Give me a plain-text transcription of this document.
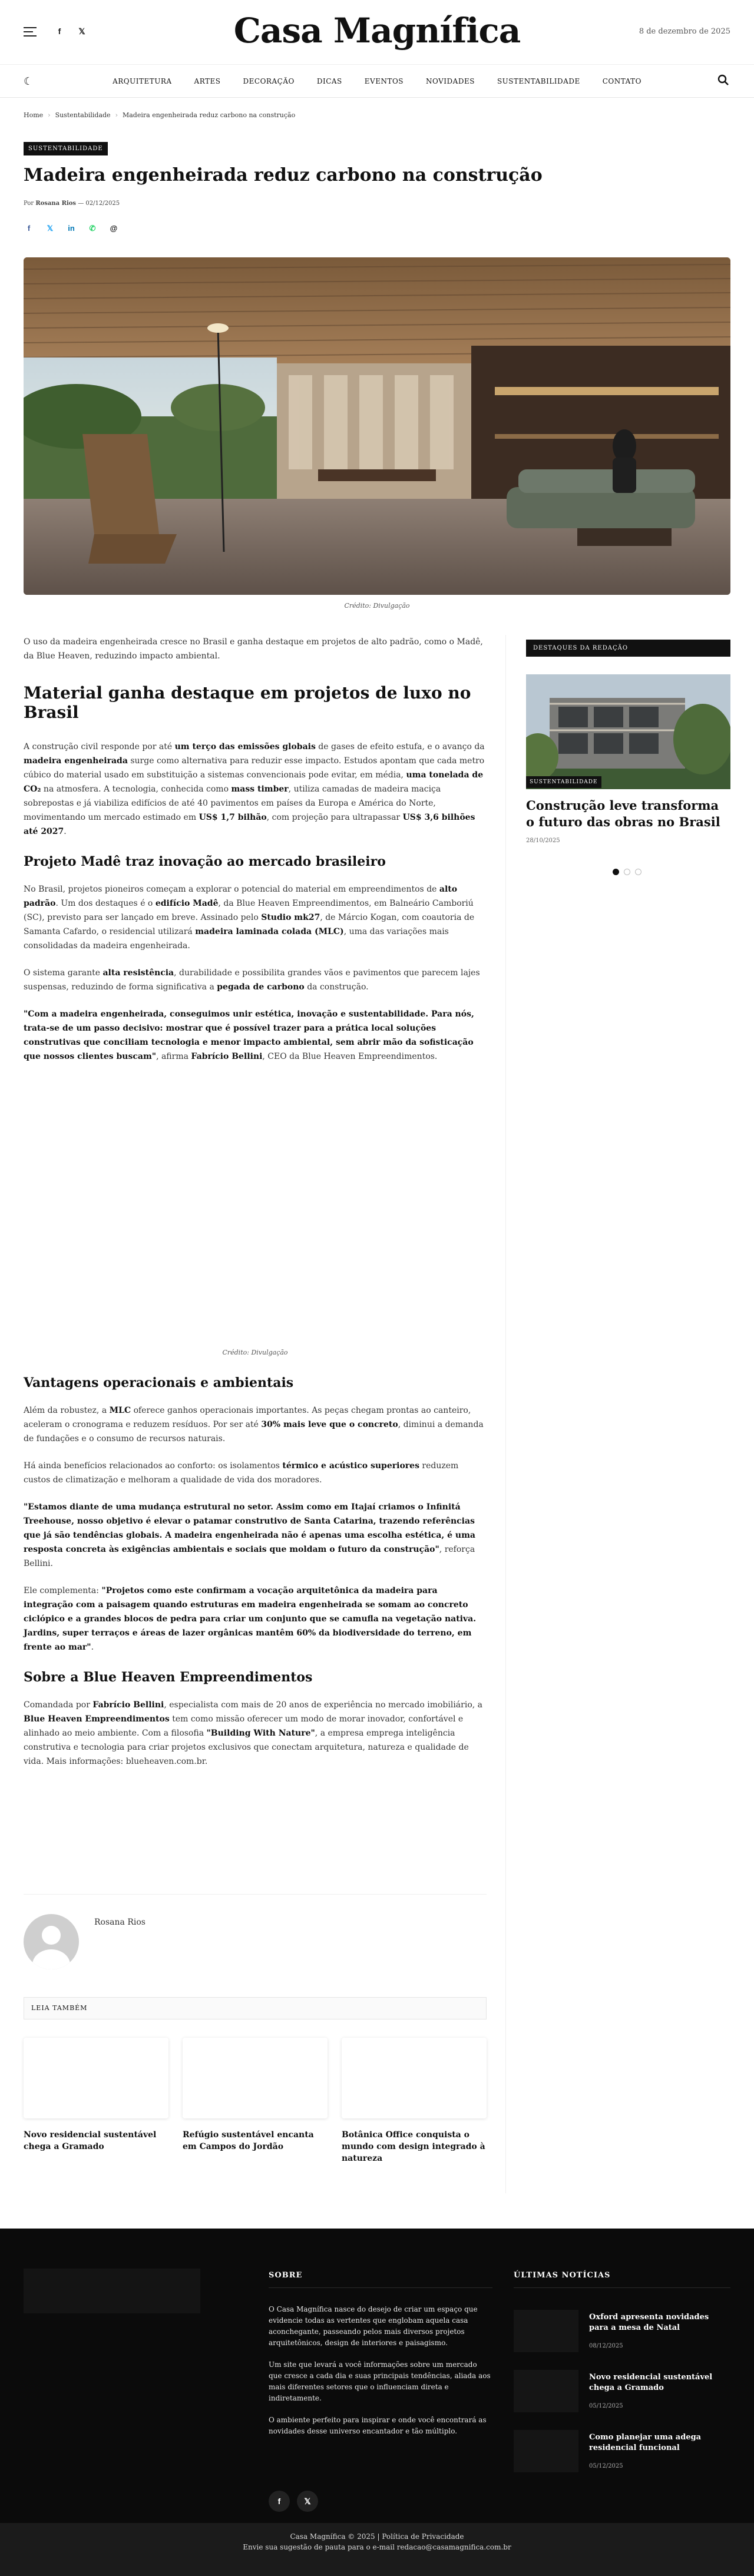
f	𝕏	Casa Magnífica	8 de dezembro de 2025
☾	ARQUITETURA	ARTES	DECORAÇÃO	DICAS	EVENTOS	NOVIDADES	SUSTENTABILIDADE	CONTATO
Home › Sustentabilidade › Madeira engenheirada reduz carbono na construção
SUSTENTABILIDADE
Madeira engenheirada reduz carbono na construção
Por Rosana Rios — 02/12/2025
f	𝕏 in ✆ @
Crédito: Divulgação

O uso da madeira engenheirada cresce no Brasil e ganha destaque em projetos de alto padrão, como o Madê, da Blue Heaven, reduzindo impacto ambiental.

Material ganha destaque em projetos de luxo no Brasil

A construção civil responde por até um terço das emissões globais de gases de efeito estufa, e o avanço da madeira engenheirada surge como alternativa para reduzir esse impacto. Estudos apontam que cada metro cúbico do material usado em substituição a sistemas convencionais pode evitar, em média, uma tonelada de CO₂ na atmosfera. A tecnologia, conhecida como mass timber, utiliza camadas de madeira maciça sobrepostas e já viabiliza edifícios de até 40 pavimentos em países da Europa e América do Norte, movimentando um mercado estimado em US$ 1,7 bilhão, com projeção para ultrapassar US$ 3,6 bilhões até 2027.

Projeto Madê traz inovação ao mercado brasileiro

No Brasil, projetos pioneiros começam a explorar o potencial do material em empreendimentos de alto padrão. Um dos destaques é o edifício Madê, da Blue Heaven Empreendimentos, em Balneário Camboriú (SC), previsto para ser lançado em breve. Assinado pelo Studio mk27, de Márcio Kogan, com coautoria de Samanta Cafardo, o residencial utilizará madeira laminada colada (MLC), uma das variações mais consolidadas da madeira engenheirada.

O sistema garante alta resistência, durabilidade e possibilita grandes vãos e pavimentos que parecem lajes suspensas, reduzindo de forma significativa a pegada de carbono da construção.

"Com a madeira engenheirada, conseguimos unir estética, inovação e sustentabilidade. Para nós, trata-se de um passo decisivo: mostrar que é possível trazer para a prática local soluções construtivas que conciliam tecnologia e menor impacto ambiental, sem abrir mão da sofisticação que nossos clientes buscam", afirma Fabrício Bellini, CEO da Blue Heaven Empreendimentos.

Crédito: Divulgação
Vantagens operacionais e ambientais

Além da robustez, a MLC oferece ganhos operacionais importantes. As peças chegam prontas ao canteiro, aceleram o cronograma e reduzem resíduos. Por ser até 30% mais leve que o concreto, diminui a demanda de fundações e o consumo de recursos naturais.

Há ainda benefícios relacionados ao conforto: os isolamentos térmico e acústico superiores reduzem custos de climatização e melhoram a qualidade de vida dos moradores.

"Estamos diante de uma mudança estrutural no setor. Assim como em Itajaí criamos o Infinitá Treehouse, nosso objetivo é elevar o patamar construtivo de Santa Catarina, trazendo referências que já são tendências globais. A madeira engenheirada não é apenas uma escolha estética, é uma resposta concreta às exigências ambientais e sociais que moldam o futuro da construção", reforça Bellini.

Ele complementa: "Projetos como este confirmam a vocação arquitetônica da madeira para integração com a paisagem quando estruturas em madeira engenheirada se somam ao concreto ciclópico e a grandes blocos de pedra para criar um conjunto que se camufla na vegetação nativa. Jardins, super terraços e áreas de lazer orgânicas mantêm 60% da biodiversidade do terreno, em frente ao mar".

Sobre a Blue Heaven Empreendimentos

Comandada por Fabrício Bellini, especialista com mais de 20 anos de experiência no mercado imobiliário, a Blue Heaven Empreendimentos tem como missão oferecer um modo de morar inovador, confortável e alinhado ao meio ambiente. Com a filosofia "Building With Nature", a empresa emprega inteligência construtiva e tecnologia para criar projetos exclusivos que conectam arquitetura, natureza e qualidade de vida. Mais informações: blueheaven.com.br.

DESTAQUES DA REDAÇÃO
SUSTENTABILIDADE
Construção leve transforma o futuro das obras no Brasil
28/10/2025
Rosana Rios
LEIA TAMBÉM
Novo residencial sustentável chega a Gramado
Refúgio sustentável encanta em Campos do Jordão
Botânica Office conquista o mundo com design integrado à natureza
SOBRE

O Casa Magnífica nasce do desejo de criar um espaço que evidencie todas as vertentes que englobam aquela casa aconchegante, passeando pelos mais diversos projetos arquitetônicos, design de interiores e paisagismo.

Um site que levará a você informações sobre um mercado que cresce a cada dia e suas principais tendências, aliada aos mais diferentes setores que o influenciam direta e indiretamente.

O ambiente perfeito para inspirar e onde você encontrará as novidades desse universo encantador e tão múltiplo.

f	𝕏
ÚLTIMAS NOTÍCIAS
Oxford apresenta novidades para a mesa de Natal
08/12/2025
Novo residencial sustentável chega a Gramado
05/12/2025
Como planejar uma adega residencial funcional
05/12/2025
Casa Magnífica © 2025 | Política de Privacidade
Envie sua sugestão de pauta para o e-mail redacao@casamagnifica.com.br
